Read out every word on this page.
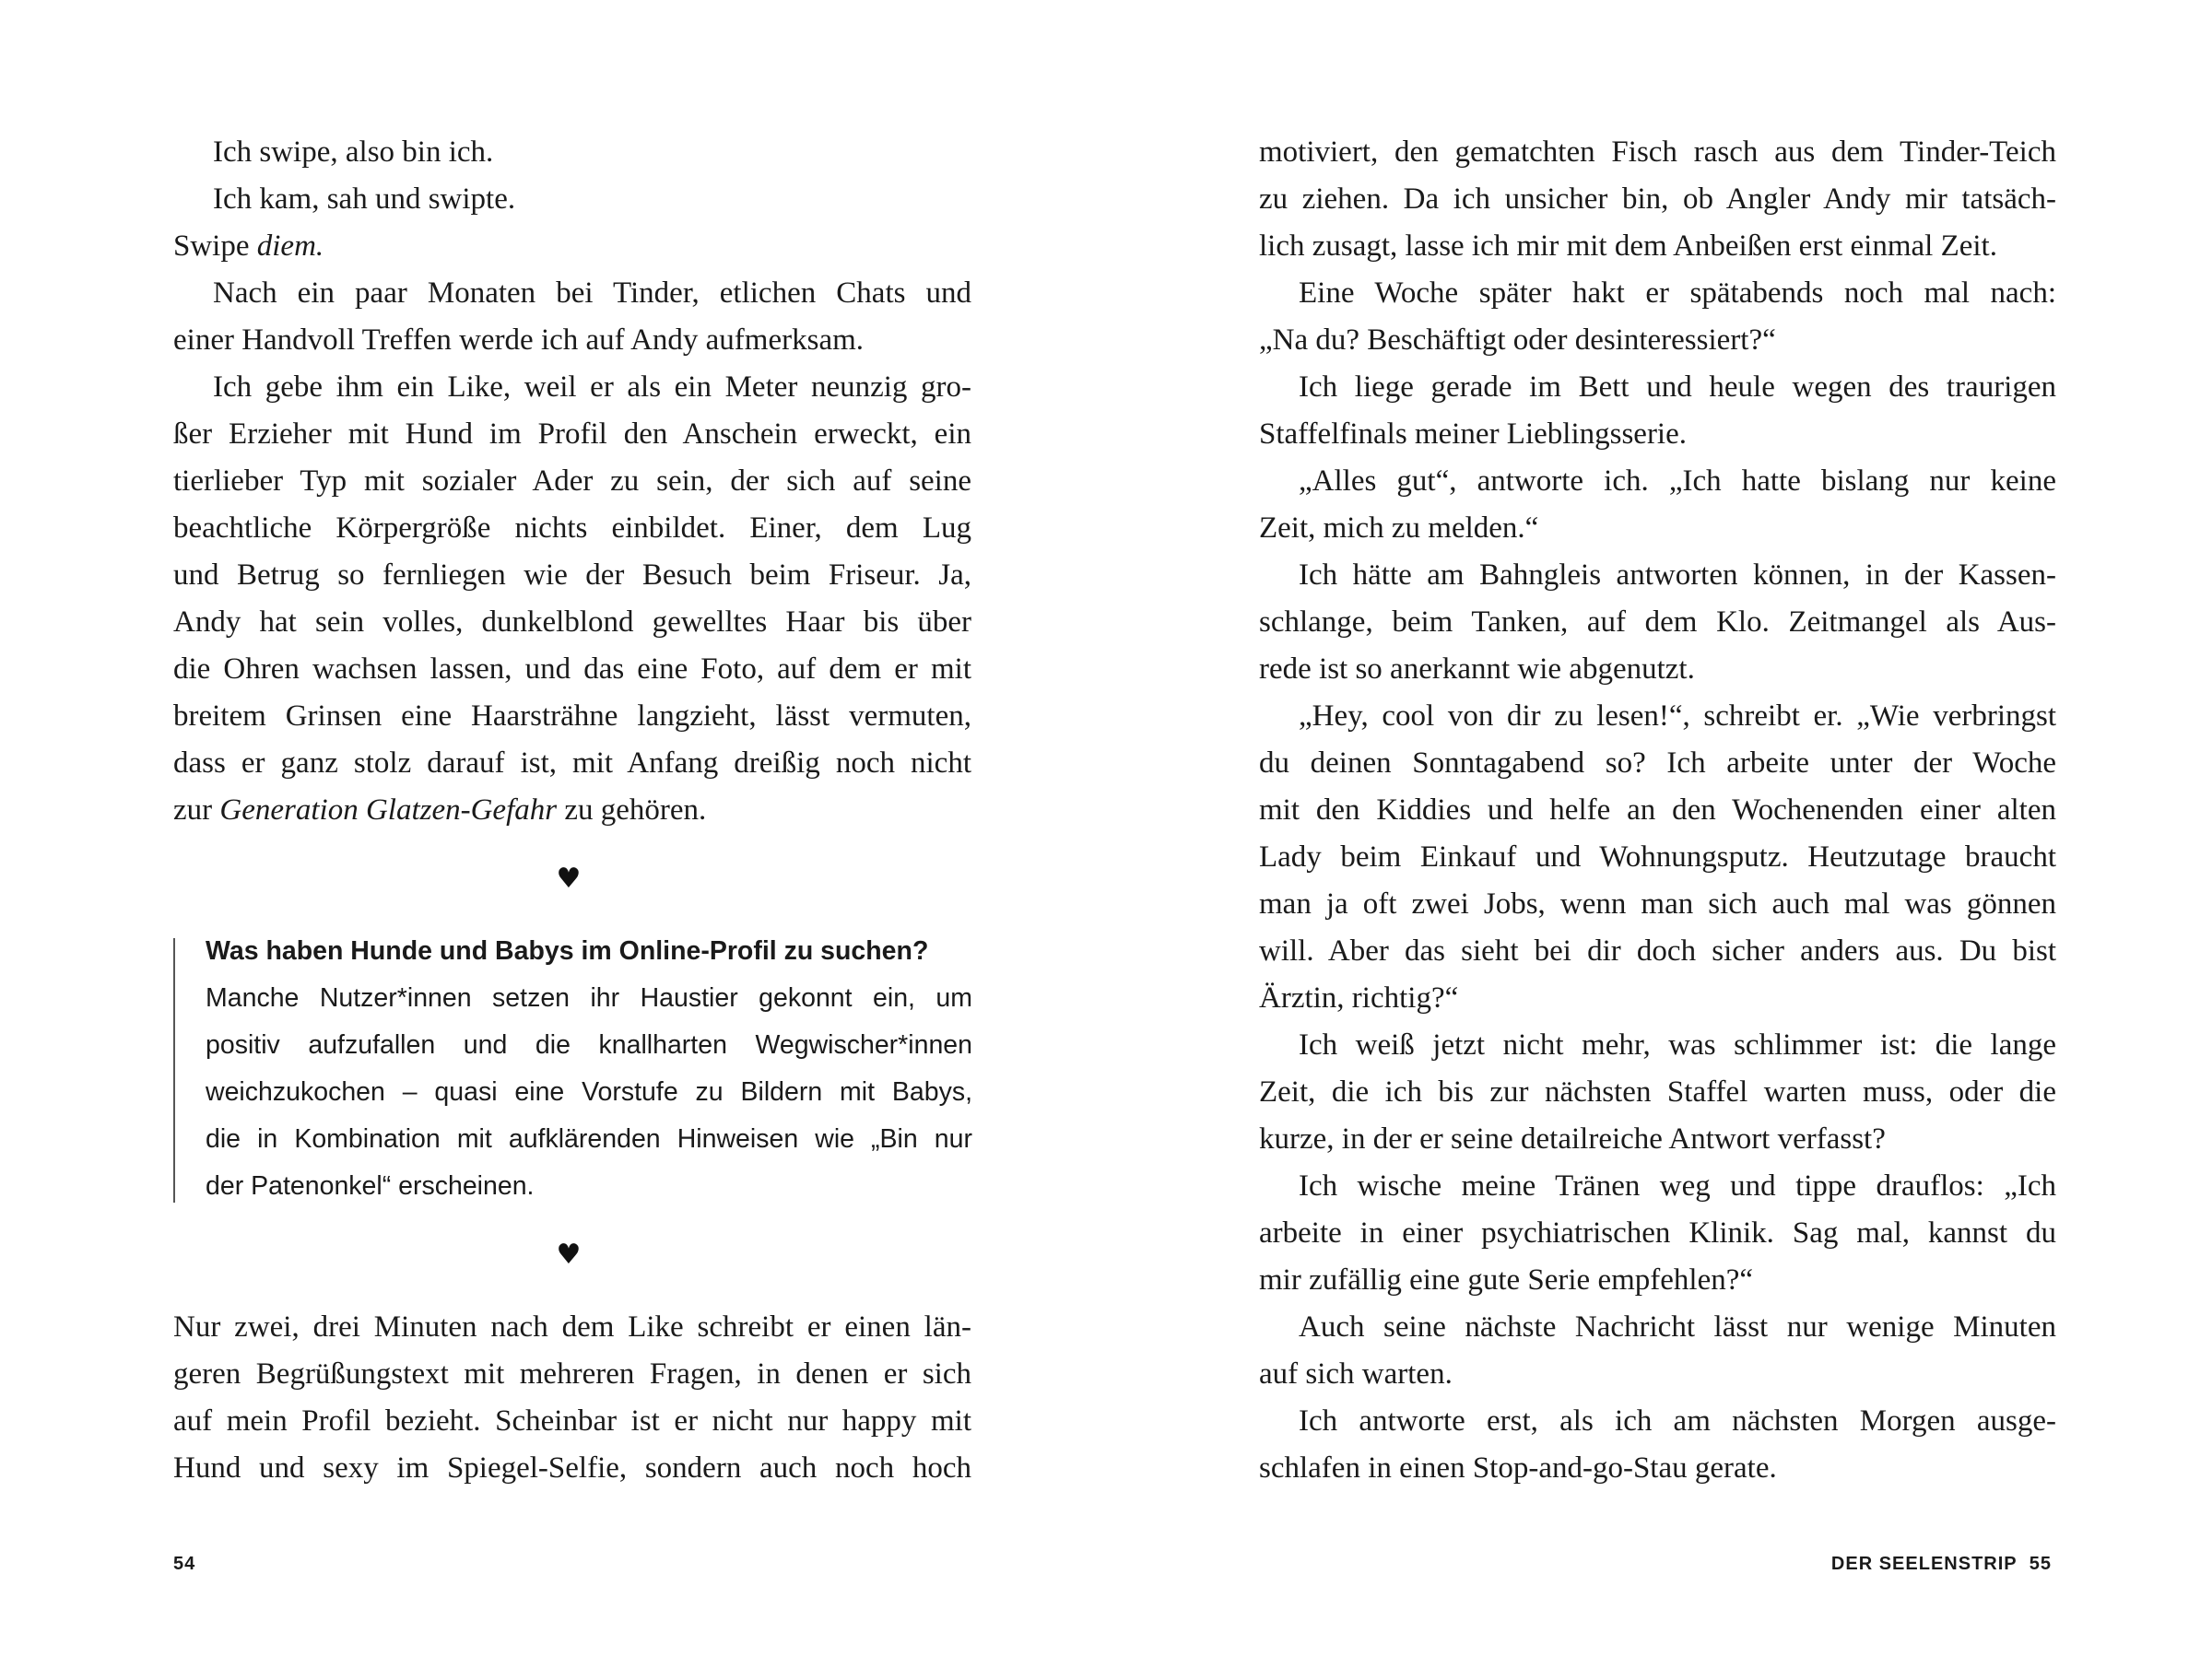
Ich swipe, also bin ich.
Ich kam, sah und swipte.
Swipe diem.
Nach ein paar Monaten bei Tinder, etlichen Chats und
einer Handvoll Treffen werde ich auf Andy aufmerksam.
Ich gebe ihm ein Like, weil er als ein Meter neunzig gro-
ßer Erzieher mit Hund im Profil den Anschein erweckt, ein
tierlieber Typ mit sozialer Ader zu sein, der sich auf seine
beachtliche Körpergröße nichts einbildet. Einer, dem Lug
und Betrug so fernliegen wie der Besuch beim Friseur. Ja,
Andy hat sein volles, dunkelblond gewelltes Haar bis über
die Ohren wachsen lassen, und das eine Foto, auf dem er mit
breitem Grinsen eine Haarsträhne langzieht, lässt vermuten,
dass er ganz stolz darauf ist, mit Anfang dreißig noch nicht
zur Generation Glatzen-Gefahr zu gehören.
Was haben Hunde und Babys im Online-Profil zu suchen?
Manche Nutzer*innen setzen ihr Haustier gekonnt ein, um
positiv aufzufallen und die knallharten Wegwischer*innen
weichzukochen – quasi eine Vorstufe zu Bildern mit Babys,
die in Kombination mit aufklärenden Hinweisen wie „Bin nur
der Patenonkel“ erscheinen.
Nur zwei, drei Minuten nach dem Like schreibt er einen län-
geren Begrüßungstext mit mehreren Fragen, in denen er sich
auf mein Profil bezieht. Scheinbar ist er nicht nur happy mit
Hund und sexy im Spiegel-Selfie, sondern auch noch hoch
♥
♥
motiviert, den gematchten Fisch rasch aus dem Tinder-Teich
zu ziehen. Da ich unsicher bin, ob Angler Andy mir tatsäch-
lich zusagt, lasse ich mir mit dem Anbeißen erst einmal Zeit.
Eine Woche später hakt er spätabends noch mal nach:
„Na du? Beschäftigt oder desinteressiert?“
Ich liege gerade im Bett und heule wegen des traurigen
Staffelfinals meiner Lieblingsserie.
„Alles gut“, antworte ich. „Ich hatte bislang nur keine
Zeit, mich zu melden.“
Ich hätte am Bahngleis antworten können, in der Kassen-
schlange, beim Tanken, auf dem Klo. Zeitmangel als Aus-
rede ist so anerkannt wie abgenutzt.
„Hey, cool von dir zu lesen!“, schreibt er. „Wie verbringst
du deinen Sonntagabend so? Ich arbeite unter der Woche
mit den Kiddies und helfe an den Wochenenden einer alten
Lady beim Einkauf und Wohnungsputz. Heutzutage braucht
man ja oft zwei Jobs, wenn man sich auch mal was gönnen
will. Aber das sieht bei dir doch sicher anders aus. Du bist
Ärztin, richtig?“
Ich weiß jetzt nicht mehr, was schlimmer ist: die lange
Zeit, die ich bis zur nächsten Staffel warten muss, oder die
kurze, in der er seine detailreiche Antwort verfasst?
Ich wische meine Tränen weg und tippe drauflos: „Ich
arbeite in einer psychiatrischen Klinik. Sag mal, kannst du
mir zufällig eine gute Serie empfehlen?“
Auch seine nächste Nachricht lässt nur wenige Minuten
auf sich warten.
Ich antworte erst, als ich am nächsten Morgen ausge-
schlafen in einen Stop-and-go-Stau gerate.
54	DER SEELENSTRIP 55
